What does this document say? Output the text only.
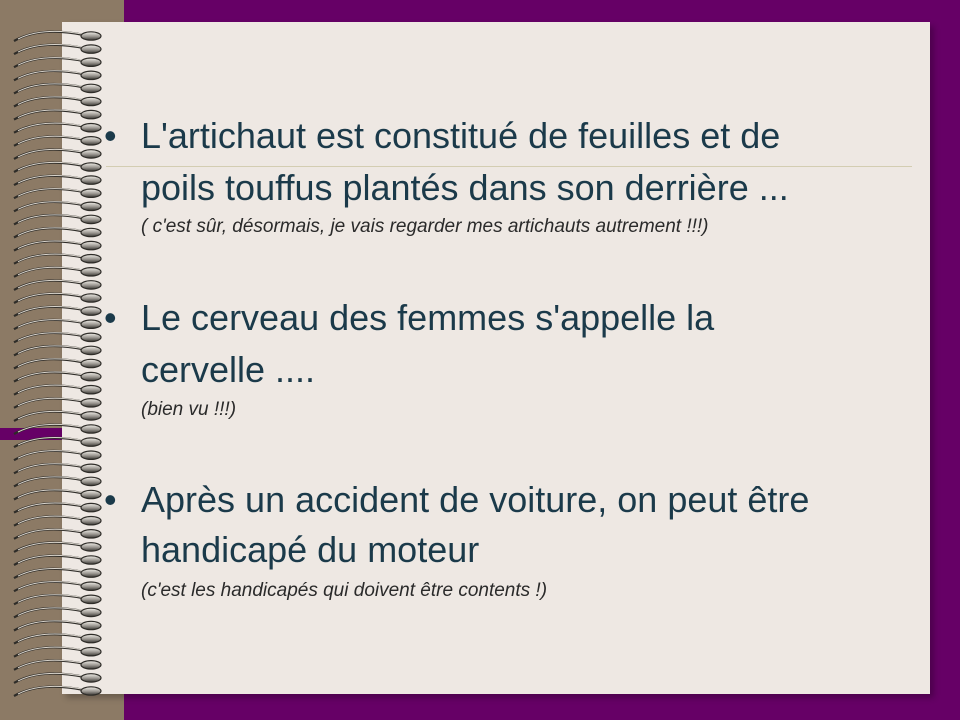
• L'artichaut est constitué de feuilles et de
poils touffus plantés dans son derrière ...
( c'est sûr, désormais, je vais regarder mes artichauts autrement !!!)
• Le cerveau des femmes s'appelle la
cervelle ....
(bien vu !!!)
• Après un accident de voiture, on peut être
handicapé du moteur
(c'est les handicapés qui doivent être contents !)
